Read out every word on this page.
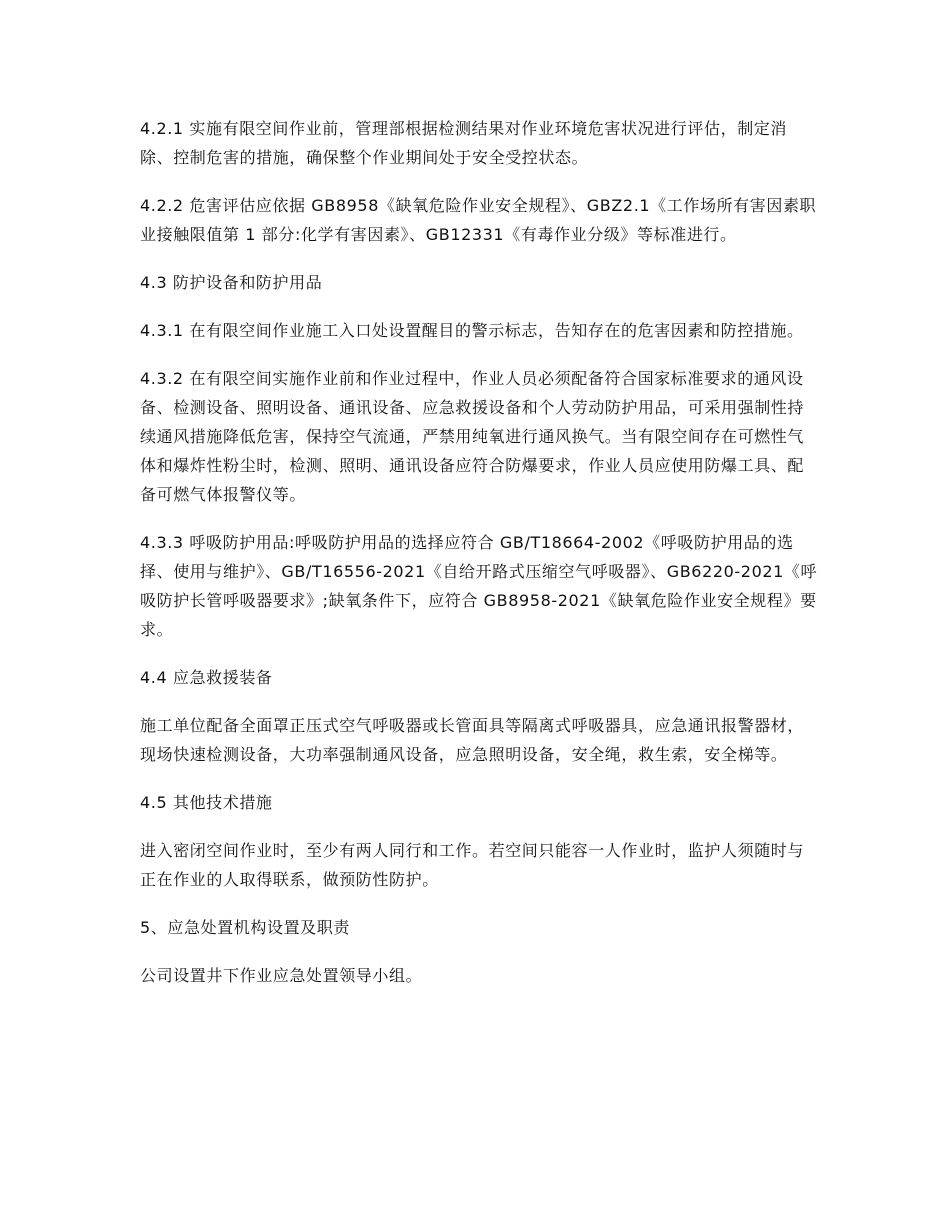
4.2.1 实施有限空间作业前，管理部根据检测结果对作业环境危害状况进行评估，制定消除、控制危害的措施，确保整个作业期间处于安全受控状态。

4.2.2 危害评估应依据 GB8958《缺氧危险作业安全规程》、GBZ2.1《工作场所有害因素职业接触限值第 1 部分:化学有害因素》、GB12331《有毒作业分级》等标准进行。

4.3 防护设备和防护用品

4.3.1 在有限空间作业施工入口处设置醒目的警示标志，告知存在的危害因素和防控措施。

4.3.2 在有限空间实施作业前和作业过程中，作业人员必须配备符合国家标准要求的通风设备、检测设备、照明设备、通讯设备、应急救援设备和个人劳动防护用品，可采用强制性持续通风措施降低危害，保持空气流通，严禁用纯氧进行通风换气。当有限空间存在可燃性气体和爆炸性粉尘时，检测、照明、通讯设备应符合防爆要求，作业人员应使用防爆工具、配备可燃气体报警仪等。

4.3.3 呼吸防护用品:呼吸防护用品的选择应符合 GB/T18664-2002《呼吸防护用品的选择、使用与维护》、GB/T16556-2021《自给开路式压缩空气呼吸器》、GB6220-2021《呼吸防护长管呼吸器要求》;缺氧条件下，应符合 GB8958-2021《缺氧危险作业安全规程》要求。

4.4 应急救援装备

施工单位配备全面罩正压式空气呼吸器或长管面具等隔离式呼吸器具，应急通讯报警器材，现场快速检测设备，大功率强制通风设备，应急照明设备，安全绳，救生索，安全梯等。

4.5 其他技术措施

进入密闭空间作业时，至少有两人同行和工作。若空间只能容一人作业时，监护人须随时与正在作业的人取得联系，做预防性防护。

5、应急处置机构设置及职责

公司设置井下作业应急处置领导小组。
